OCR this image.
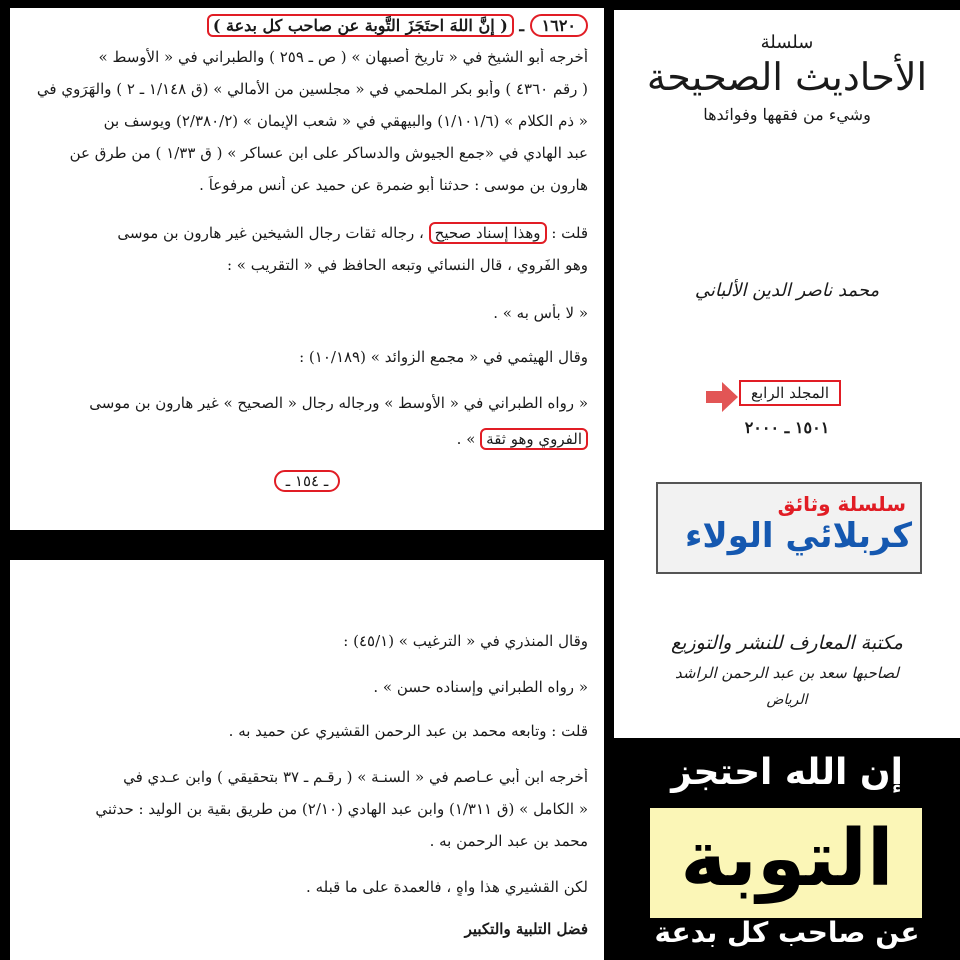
١٦٢٠ ـ ( إنَّ اللهَ احتَجَزَ التَّوبة عن صاحب كل بدعة )
أخرجه أبو الشيخ في « تاريخ أصبهان » ( ص ـ ٢٥٩ ) والطبراني في « الأوسط »
( رقم ٤٣٦٠ ) وأبو بكر الملحمي في « مجلسين من الأمالي » (ق ١/١٤٨ ـ ٢ ) والهَرَوي في
« ذم الكلام » (١/١٠١/٦) والبيهقي في « شعب الإيمان » (٢/٣٨٠/٢) ويوسف بن
عبد الهادي في «جمع الجيوش والدساكر على ابن عساكر » ( ق ١/٣٣ ) من طرق عن
هارون بن موسى : حدثنا أبو ضمرة عن حميد عن أنس مرفوعاً .
قلت : وهذا إسناد صحيح ، رجاله ثقات رجال الشيخين غير هارون بن موسى
وهو الفَروي ، قال النسائي وتبعه الحافظ في « التقريب » :
« لا بأس به » .
وقال الهيثمي في « مجمع الزوائد » (١٠/١٨٩) :
« رواه الطبراني في « الأوسط » ورجاله رجال « الصحيح » غير هارون بن موسى
الفروي وهو ثقة » .
ـ ١٥٤ ـ
وقال المنذري في « الترغيب » (٤٥/١) :
« رواه الطبراني وإسناده حسن » .
قلت : وتابعه محمد بن عبد الرحمن القشيري عن حميد به .
أخرجه ابن أبي عـاصم في « السنـة » ( رقـم ـ ٣٧ بتحقيقي ) وابن عـدي في
« الكامل » (ق ١/٣١١) وابن عبد الهادي (٢/١٠) من طريق بقية بن الوليد : حدثني
محمد بن عبد الرحمن به .
لكن القشيري هذا واهٍ ، فالعمدة على ما قبله .
فضل التلبية والتكبير
سلسلة
الأحاديث الصحيحة
وشيء من فقهها وفوائدها
محمد ناصر الدين الألباني
المجلد الرابع
١٥٠١ ـ ٢٠٠٠
سلسلة وثائق
كربلائي الولاء
مكتبة المعارف للنشر والتوزيع
لصاحبها سعد بن عبد الرحمن الراشد
الرياض
إن الله احتجز
التوبة
عن صاحب كل بدعة
